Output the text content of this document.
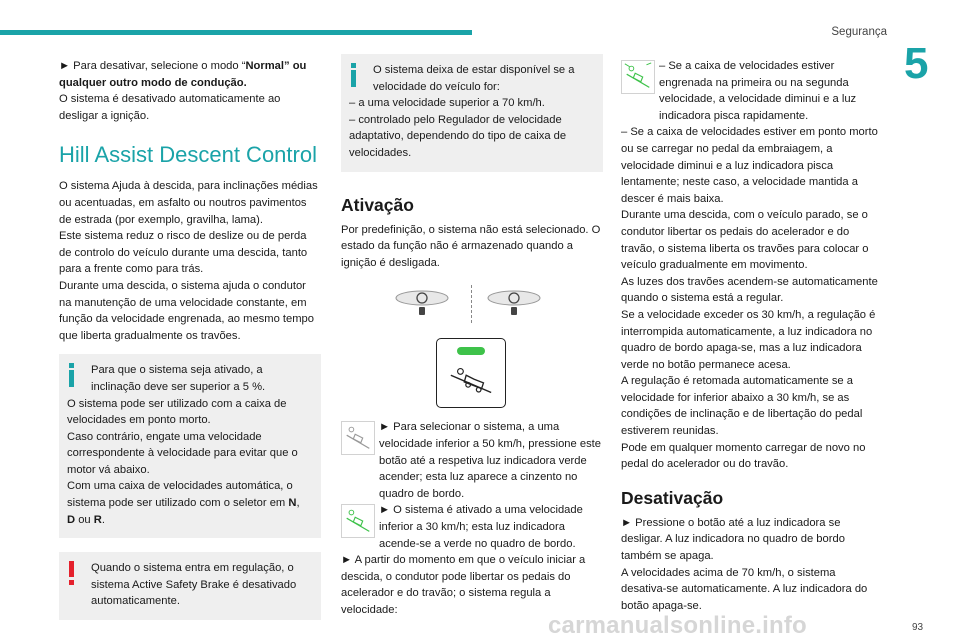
Segurança
5

► Para desativar, selecione o modo “Normal” ou qualquer outro modo de condução.

O sistema é desativado automaticamente ao desligar a ignição.

Hill Assist Descent Control

O sistema Ajuda à descida, para inclinações médias ou acentuadas, em asfalto ou noutros pavimentos de estrada (por exemplo, gravilha, lama).

Este sistema reduz o risco de deslize ou de perda de controlo do veículo durante uma descida, tanto para a frente como para trás.

Durante uma descida, o sistema ajuda o condutor na manutenção de uma velocidade constante, em função da velocidade engrenada, ao mesmo tempo que liberta gradualmente os travões.

Para que o sistema seja ativado, a inclinação deve ser superior a 5 %.

O sistema pode ser utilizado com a caixa de velocidades em ponto morto.

Caso contrário, engate uma velocidade correspondente à velocidade para evitar que o motor vá abaixo.

Com uma caixa de velocidades automática, o sistema pode ser utilizado com o seletor em N,
D ou R.

Quando o sistema entra em regulação, o sistema Active Safety Brake é desativado automaticamente.

O sistema deixa de estar disponível se a velocidade do veículo for:

– a uma velocidade superior a 70 km/h.

– controlado pelo Regulador de velocidade adaptativo, dependendo do tipo de caixa de velocidades.

Ativação

Por predefinição, o sistema não está selecionado. O estado da função não é armazenado quando a ignição é desligada.

► Para selecionar o sistema, a uma velocidade inferior a 50 km/h, pressione este botão até a respetiva luz indicadora verde acender; esta luz aparece a cinzento no quadro de bordo.

► O sistema é ativado a uma velocidade inferior a 30 km/h; esta luz indicadora acende-se a verde no quadro de bordo.

► A partir do momento em que o veículo iniciar a descida, o condutor pode libertar os pedais do acelerador e do travão; o sistema regula a velocidade:

– Se a caixa de velocidades estiver engrenada na primeira ou na segunda velocidade, a velocidade diminui e a luz indicadora pisca rapidamente.

– Se a caixa de velocidades estiver em ponto morto ou se carregar no pedal da embraiagem, a velocidade diminui e a luz indicadora pisca lentamente; neste caso, a velocidade mantida a descer é mais baixa.

Durante uma descida, com o veículo parado, se o condutor libertar os pedais do acelerador e do travão, o sistema liberta os travões para colocar o veículo gradualmente em movimento.

As luzes dos travões acendem-se automaticamente quando o sistema está a regular.

Se a velocidade exceder os 30 km/h, a regulação é interrompida automaticamente, a luz indicadora no quadro de bordo apaga-se, mas a luz indicadora verde no botão permanece acesa.

A regulação é retomada automaticamente se a velocidade for inferior abaixo a 30 km/h, se as condições de inclinação e de libertação do pedal estiverem reunidas.

Pode em qualquer momento carregar de novo no pedal do acelerador ou do travão.

Desativação

► Pressione o botão até a luz indicadora se desligar. A luz indicadora no quadro de bordo também se apaga.

A velocidades acima de 70 km/h, o sistema desativa-se automaticamente. A luz indicadora do botão apaga-se.

carmanualsonline.info	93
